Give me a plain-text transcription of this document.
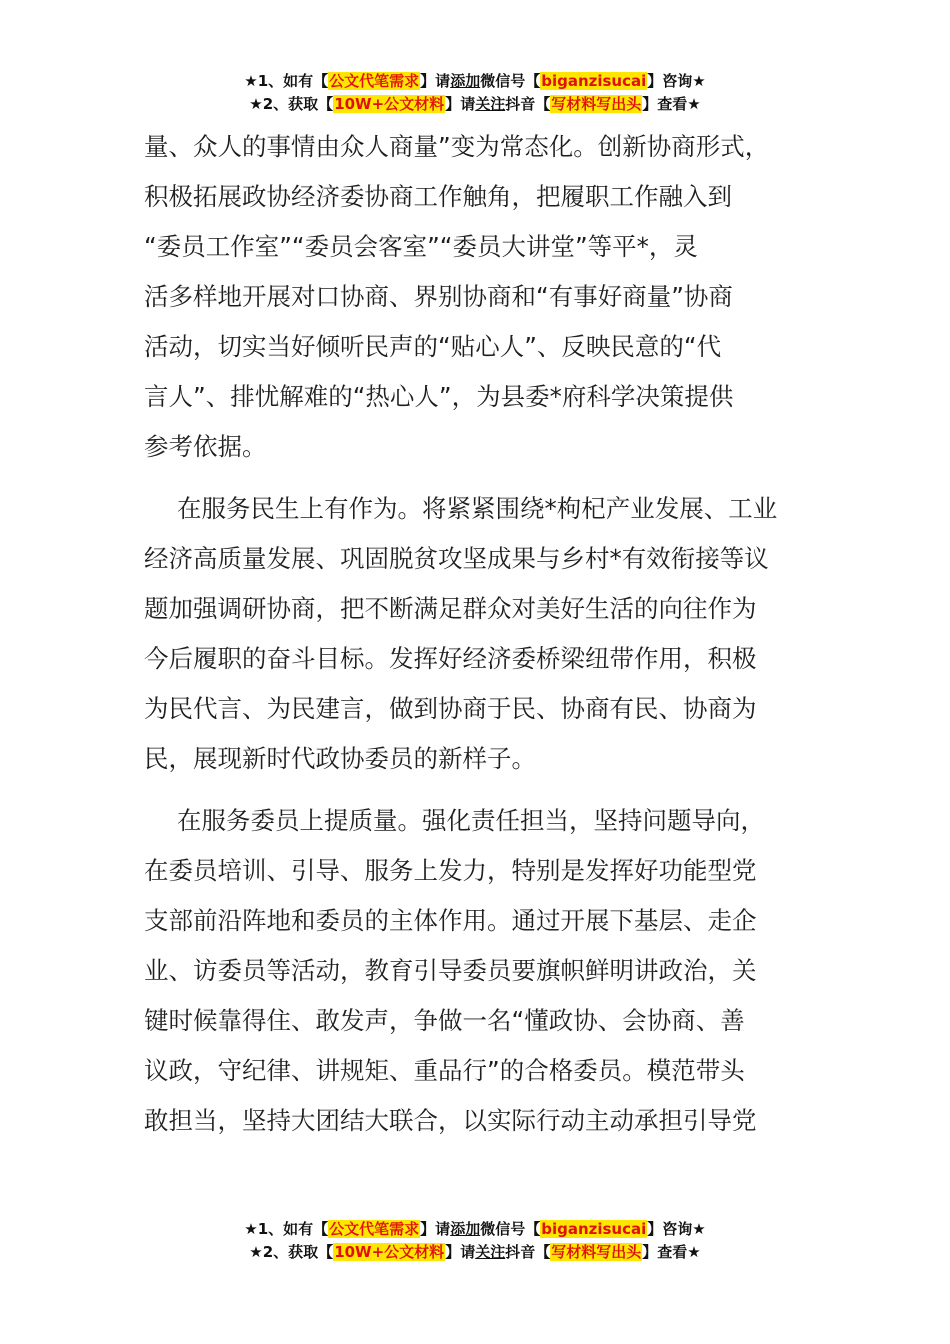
★1、如有【公文代笔需求】请添加微信号【biganzisucai】咨询★
★2、获取【10W+公文材料】请关注抖音【写材料写出头】查看★

量、众人的事情由众人商量”变为常态化。创新协商形式，
积极拓展政协经济委协商工作触角，把履职工作融入到
“委员工作室”“委员会客室”“委员大讲堂”等平*，灵
活多样地开展对口协商、界别协商和“有事好商量”协商
活动，切实当好倾听民声的“贴心人”、反映民意的“代
言人”、排忧解难的“热心人”，为县委*府科学决策提供
参考依据。

在服务民生上有作为。将紧紧围绕*枸杞产业发展、工业
经济高质量发展、巩固脱贫攻坚成果与乡村*有效衔接等议
题加强调研协商，把不断满足群众对美好生活的向往作为
今后履职的奋斗目标。发挥好经济委桥梁纽带作用，积极
为民代言、为民建言，做到协商于民、协商有民、协商为
民，展现新时代政协委员的新样子。

在服务委员上提质量。强化责任担当，坚持问题导向，
在委员培训、引导、服务上发力，特别是发挥好功能型党
支部前沿阵地和委员的主体作用。通过开展下基层、走企
业、访委员等活动，教育引导委员要旗帜鲜明讲政治，关
键时候靠得住、敢发声，争做一名“懂政协、会协商、善
议政，守纪律、讲规矩、重品行”的合格委员。模范带头
敢担当，坚持大团结大联合，以实际行动主动承担引导党

★1、如有【公文代笔需求】请添加微信号【biganzisucai】咨询★
★2、获取【10W+公文材料】请关注抖音【写材料写出头】查看★
